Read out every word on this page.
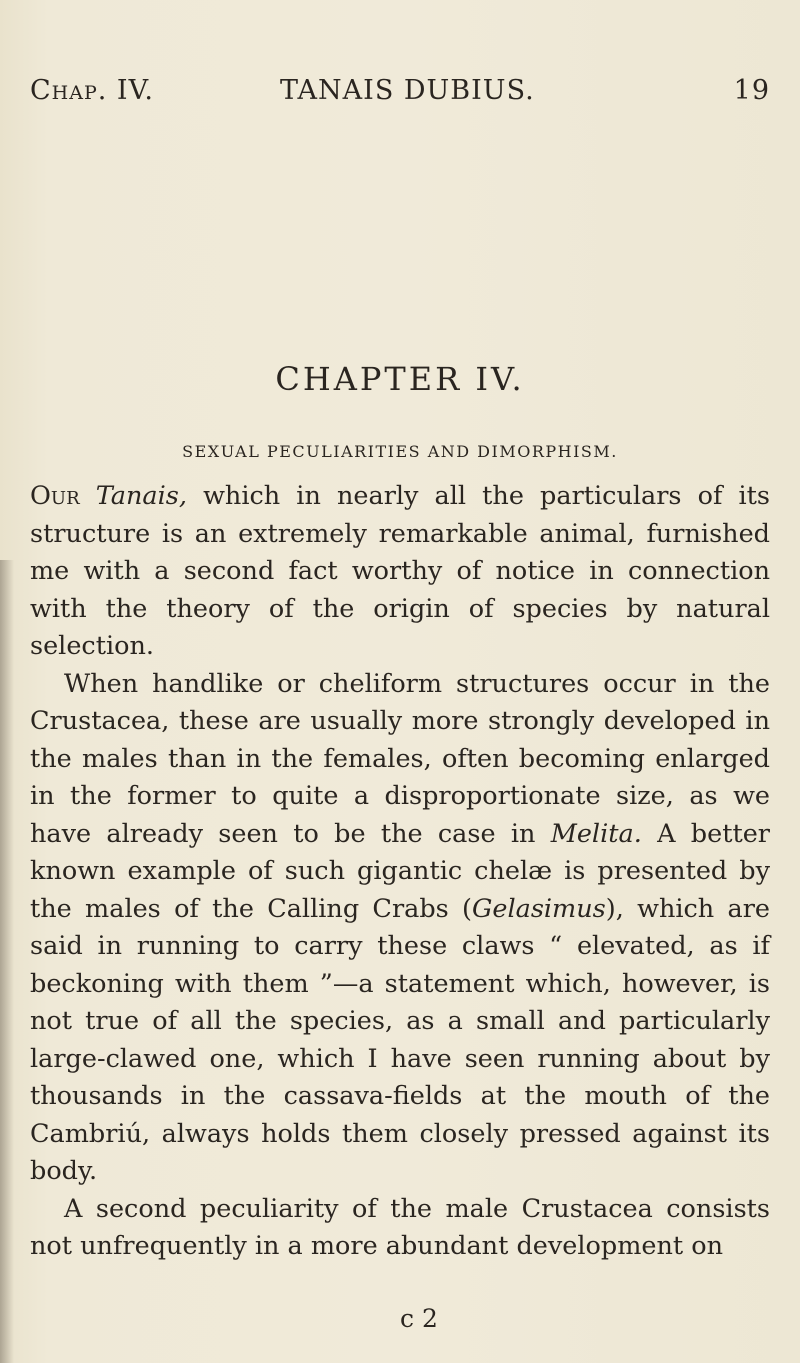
Chap. IV.	TANAIS DUBIUS.	19
CHAPTER IV.
SEXUAL PECULIARITIES AND DIMORPHISM.

Our Tanais, which in nearly all the particulars of its structure is an extremely remarkable animal, furnished me with a second fact worthy of notice in connection with the theory of the origin of species by natural selection.

When handlike or cheliform structures occur in the Crustacea, these are usually more strongly developed in the males than in the females, often becoming enlarged in the former to quite a disproportionate size, as we have already seen to be the case in Melita. A better known example of such gigantic chelæ is presented by the males of the Calling Crabs (Gelasimus), which are said in running to carry these claws “ elevated, as if beckoning with them ”—a statement which, however, is not true of all the species, as a small and particularly large-clawed one, which I have seen running about by thousands in the cassava-fields at the mouth of the Cambriú, always holds them closely pressed against its body.

A second peculiarity of the male Crustacea consists not unfrequently in a more abundant development on

c 2
